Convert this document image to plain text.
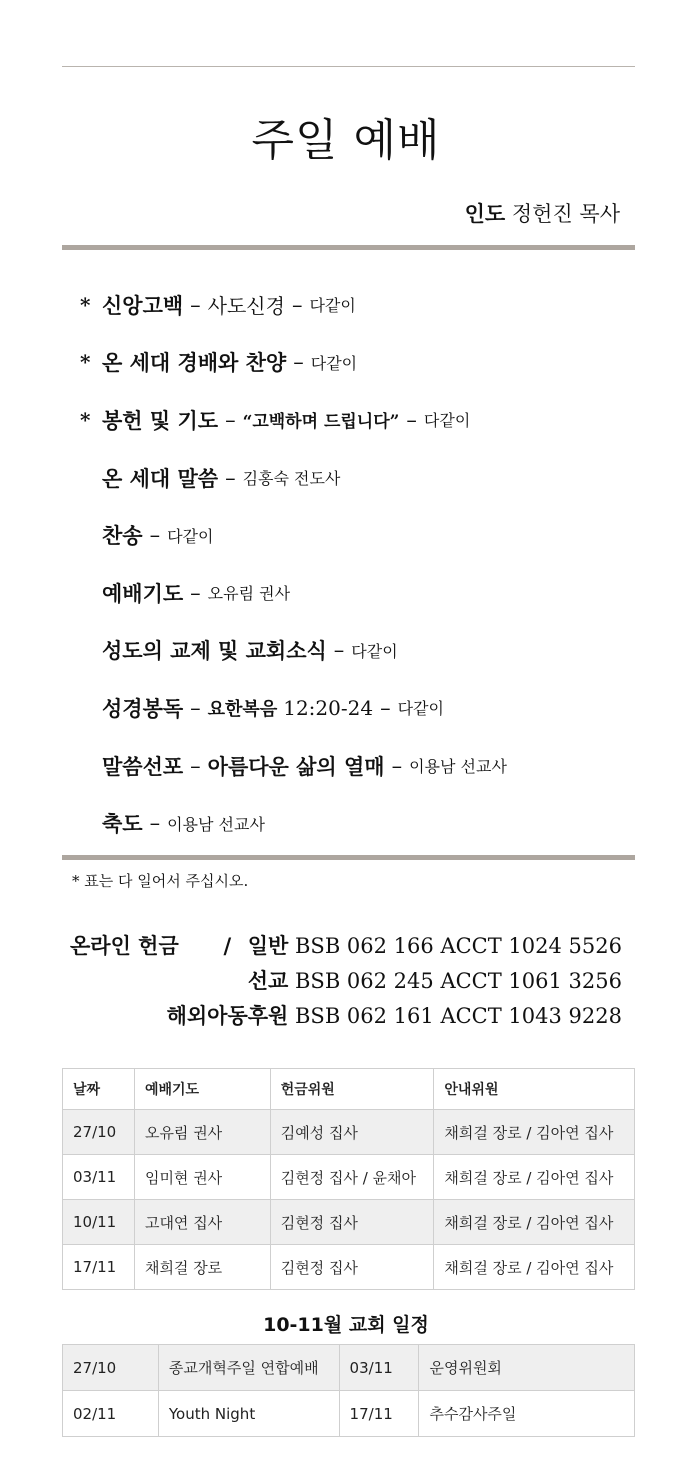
주일 예배
인도 정헌진 목사
* 신앙고백 – 사도신경 – 다같이
* 온 세대 경배와 찬양 – 다같이
* 봉헌 및 기도 – “고백하며 드립니다” – 다같이
온 세대 말씀 – 김홍숙 전도사
찬송 – 다같이
예배기도 – 오유림 권사
성도의 교제 및 교회소식 – 다같이
성경봉독 – 요한복음 12:20-24 – 다같이
말씀선포 – 아름다운 삶의 열매 – 이용남 선교사
축도 – 이용남 선교사
* 표는 다 일어서 주십시오.
온라인 헌금 / 일반 BSB 062 166 ACCT 1024 5526
선교 BSB 062 245 ACCT 1061 3256
해외아동후원 BSB 062 161 ACCT 1043 9228
날짜	예배기도	헌금위원	안내위원
27/10	오유림 권사	김예성 집사	채희걸 장로 / 김아연 집사
03/11	임미현 권사	김현정 집사 / 윤채아	채희걸 장로 / 김아연 집사
10/11	고대연 집사	김현정 집사	채희걸 장로 / 김아연 집사
17/11	채희걸 장로	김현정 집사	채희걸 장로 / 김아연 집사
10-11월 교회 일정
27/10	종교개혁주일 연합예배	03/11	운영위원회
02/11	Youth Night	17/11	추수감사주일
